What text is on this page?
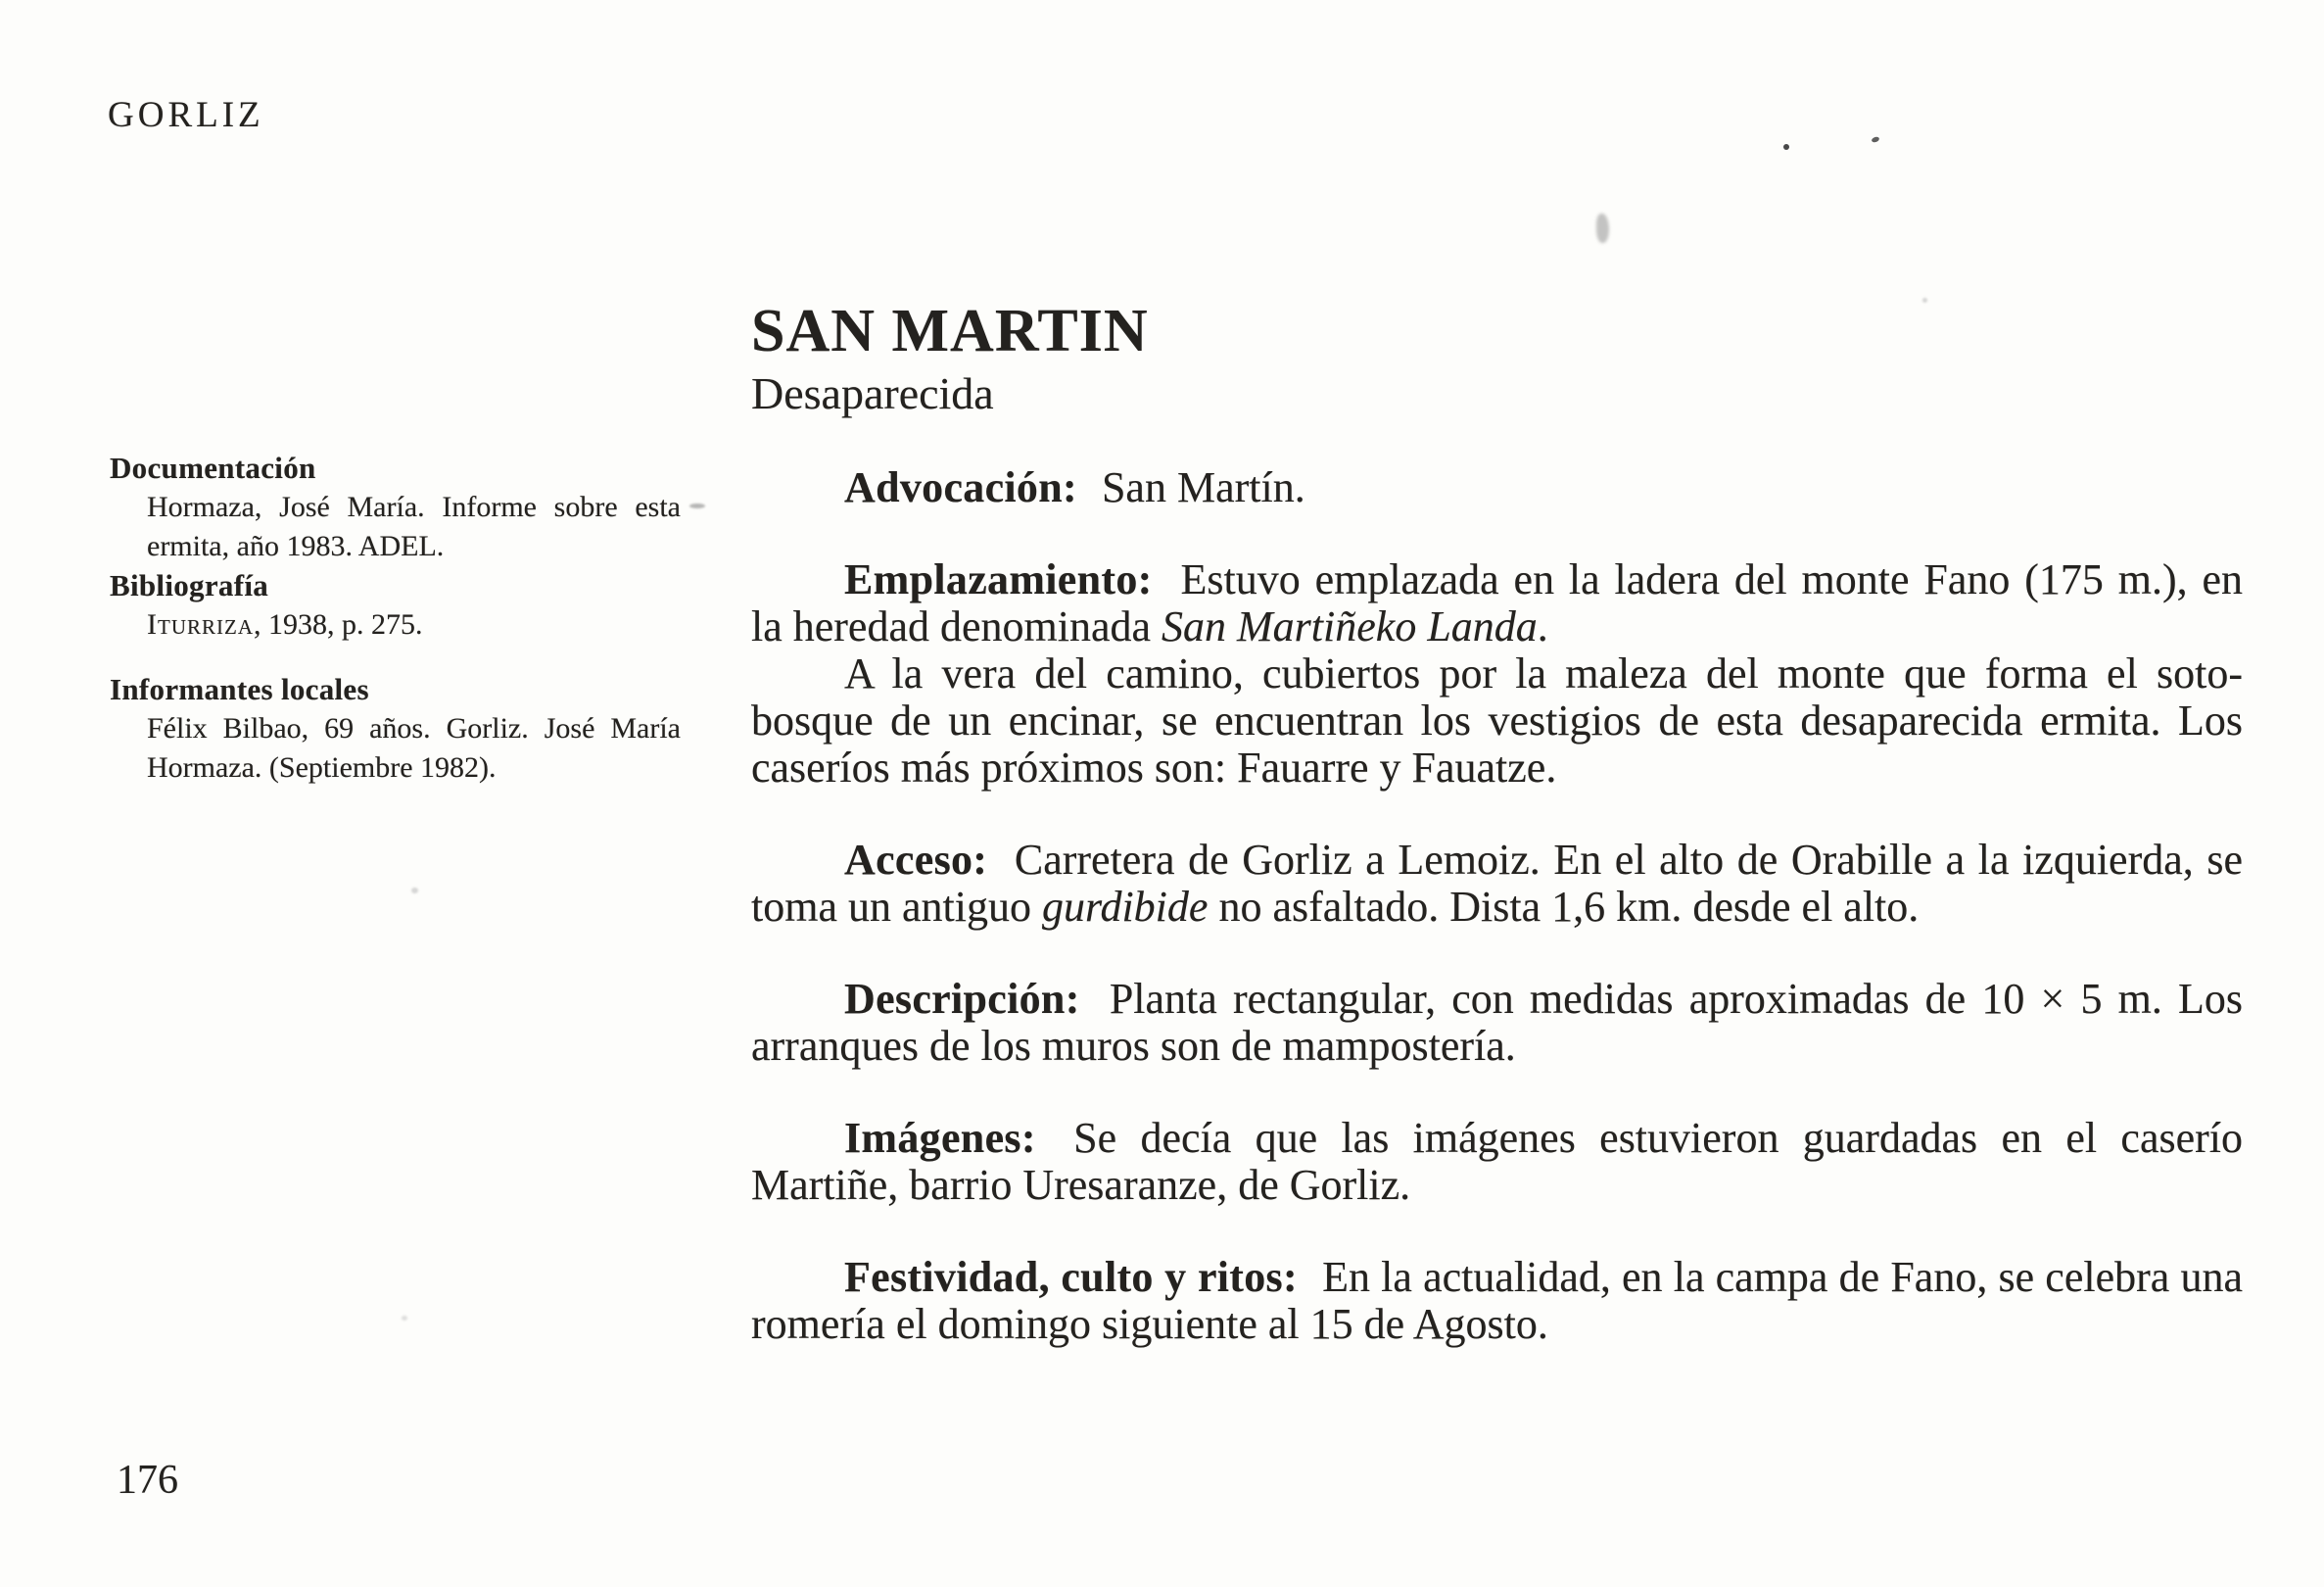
GORLIZ
Documentación
Hormaza, José María. Informe sobre esta ermita, año 1983. ADEL.
Bibliografía
Iturriza, 1938, p. 275.
Informantes locales
Félix Bilbao, 69 años. Gorliz. José María Hormaza. (Septiembre 1982).
SAN MARTIN
Desaparecida

Advocación: San Martín.

Emplazamiento: Estuvo emplazada en la ladera del monte Fano (175 m.), en la heredad denominada San Martiñeko Landa.

A la vera del camino, cubiertos por la maleza del monte que forma el soto-bosque de un encinar, se encuentran los vestigios de esta desaparecida ermita. Los caseríos más próximos son: Fauarre y Fauatze.

Acceso: Carretera de Gorliz a Lemoiz. En el alto de Orabille a la izquierda, se toma un antiguo gurdibide no asfaltado. Dista 1,6 km. desde el alto.

Descripción: Planta rectangular, con medidas aproximadas de 10 × 5 m. Los arranques de los muros son de mampostería.

Imágenes: Se decía que las imágenes estuvieron guardadas en el caserío Martiñe, barrio Uresaranze, de Gorliz.

Festividad, culto y ritos: En la actualidad, en la campa de Fano, se celebra una romería el domingo siguiente al 15 de Agosto.

176
